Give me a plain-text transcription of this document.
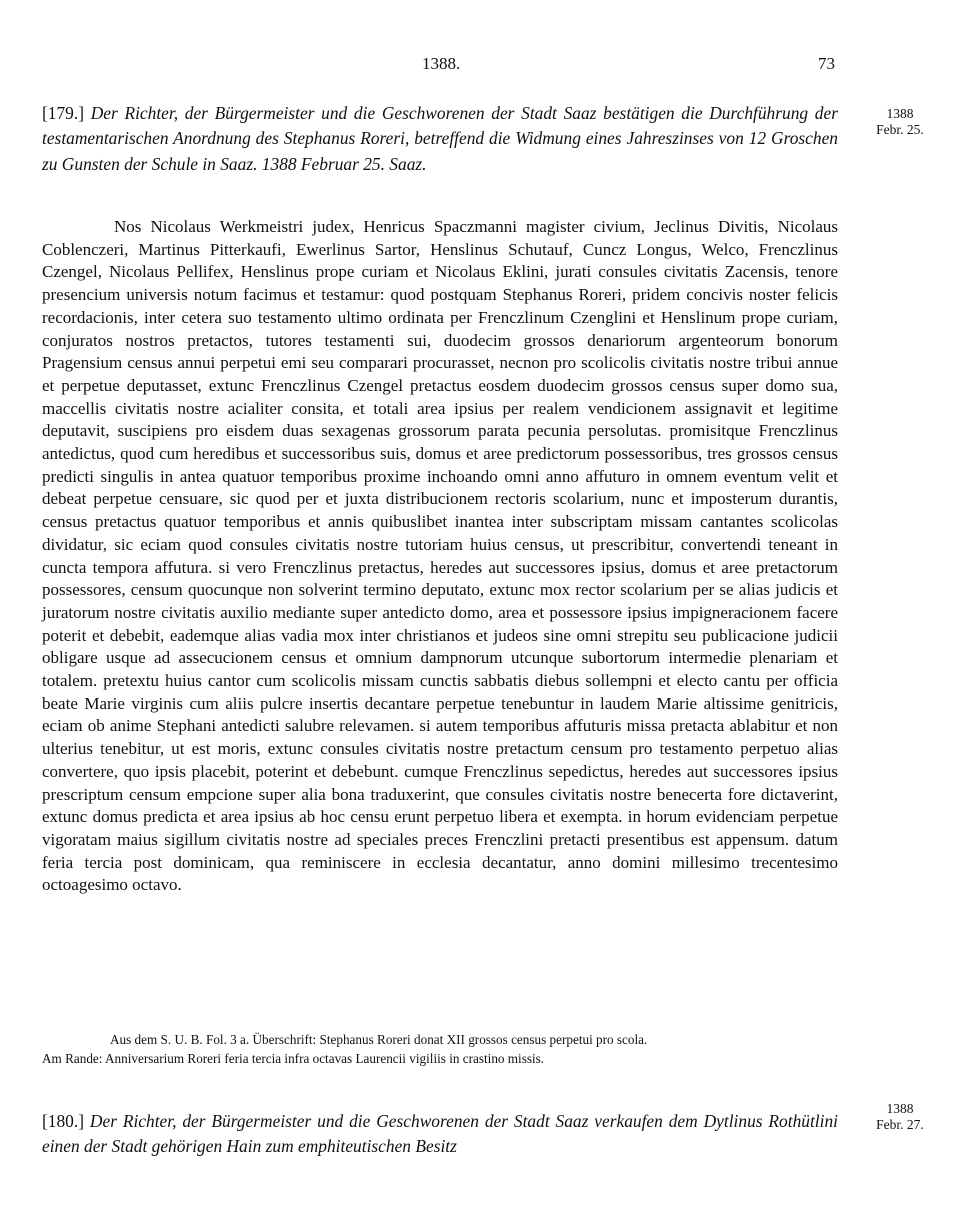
1388.	73
[179.] Der Richter, der Bürgermeister und die Geschworenen der Stadt Saaz bestätigen die Durchführung der testamentarischen Anordnung des Stephanus Roreri, betreffend die Widmung eines Jahreszinses von 12 Groschen zu Gunsten der Schule in Saaz. 1388 Februar 25. Saaz.
1388
Febr. 25.

Nos Nicolaus Werkmeistri judex, Henricus Spaczmanni magister civium, Jeclinus Divitis, Nicolaus Coblenczeri, Martinus Pitterkaufi, Ewerlinus Sartor, Henslinus Schutauf, Cuncz Longus, Welco, Frenczlinus Czengel, Nicolaus Pellifex, Henslinus prope curiam et Nicolaus Eklini, jurati consules civitatis Zacensis, tenore presencium universis notum facimus et testamur: quod postquam Stephanus Roreri, pridem concivis noster felicis recordacionis, inter cetera suo testamento ultimo ordinata per Frenczlinum Czenglini et Henslinum prope curiam, conjuratos nostros pretactos, tutores testamenti sui, duodecim grossos denariorum argenteorum bonorum Pragensium census annui perpetui emi seu comparari procurasset, necnon pro scolicolis civitatis nostre tribui annue et perpetue deputasset, extunc Frenczlinus Czengel pretactus eosdem duodecim grossos census super domo sua, maccellis civitatis nostre acialiter consita, et totali area ipsius per realem vendicionem assignavit et legitime deputavit, suscipiens pro eisdem duas sexagenas grossorum parata pecunia persolutas. promisitque Frenczlinus antedictus, quod cum heredibus et successoribus suis, domus et aree predictorum possessoribus, tres grossos census predicti singulis in antea quatuor temporibus proxime inchoando omni anno affuturo in omnem eventum velit et debeat perpetue censuare, sic quod per et juxta distribucionem rectoris scolarium, nunc et imposterum durantis, census pretactus quatuor temporibus et annis quibuslibet inantea inter subscriptam missam cantantes scolicolas dividatur, sic eciam quod consules civitatis nostre tutoriam huius census, ut prescribitur, convertendi teneant in cuncta tempora affutura. si vero Frenczlinus pretactus, heredes aut successores ipsius, domus et aree pretactorum possessores, censum quocunque non solverint termino deputato, extunc mox rector scolarium per se alias judicis et juratorum nostre civitatis auxilio mediante super antedicto domo, area et possessore ipsius impigneracionem facere poterit et debebit, eademque alias vadia mox inter christianos et judeos sine omni strepitu seu publicacione judicii obligare usque ad assecucionem census et omnium dampnorum utcunque subortorum intermedie plenariam et totalem. pretextu huius cantor cum scolicolis missam cunctis sabbatis diebus sollempni et electo cantu per officia beate Marie virginis cum aliis pulcre insertis decantare perpetue tenebuntur in laudem Marie altissime genitricis, eciam ob anime Stephani antedicti salubre relevamen. si autem temporibus affuturis missa pretacta ablabitur et non ulterius tenebitur, ut est moris, extunc consules civitatis nostre pretactum censum pro testamento perpetuo alias convertere, quo ipsis placebit, poterint et debebunt. cumque Frenczlinus sepedictus, heredes aut successores ipsius prescriptum censum empcione super alia bona traduxerint, que consules civitatis nostre benecerta fore dictaverint, extunc domus predicta et area ipsius ab hoc censu erunt perpetuo libera et exempta. in horum evidenciam perpetue vigoratam maius sigillum civitatis nostre ad speciales preces Frenczlini pretacti presentibus est appensum. datum feria tercia post dominicam, qua reminiscere in ecclesia decantatur, anno domini millesimo trecentesimo octoagesimo octavo.

Aus dem S. U. B. Fol. 3 a. Überschrift: Stephanus Roreri donat XII grossos census perpetui pro scola.

Am Rande: Anniversarium Roreri feria tercia infra octavas Laurencii vigiliis in crastino missis.

[180.] Der Richter, der Bürgermeister und die Geschworenen der Stadt Saaz verkaufen dem Dytlinus Rothütlini einen der Stadt gehörigen Hain zum emphiteutischen Besitz
1388
Febr. 27.
